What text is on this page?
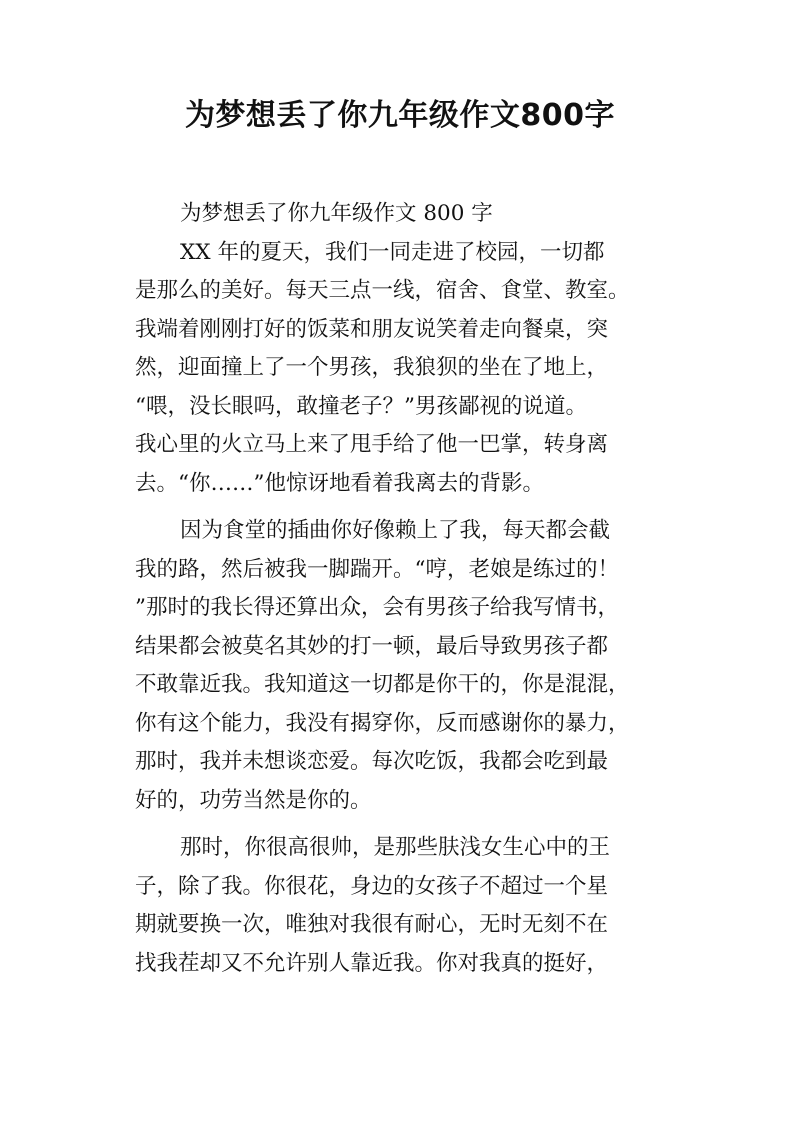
为梦想丢了你九年级作文800字
为梦想丢了你九年级作文 800 字
XX 年的夏天，我们一同走进了校园，一切都
是那么的美好。每天三点一线，宿舍、食堂、教室。
我端着刚刚打好的饭菜和朋友说笑着走向餐桌，突
然，迎面撞上了一个男孩，我狼狈的坐在了地上，
“喂，没长眼吗，敢撞老子？”男孩鄙视的说道。
我心里的火立马上来了甩手给了他一巴掌，转身离
去。“你……”他惊讶地看着我离去的背影。
因为食堂的插曲你好像赖上了我，每天都会截
我的路，然后被我一脚踹开。“哼，老娘是练过的！
”那时的我长得还算出众，会有男孩子给我写情书，
结果都会被莫名其妙的打一顿，最后导致男孩子都
不敢靠近我。我知道这一切都是你干的，你是混混，
你有这个能力，我没有揭穿你，反而感谢你的暴力，
那时，我并未想谈恋爱。每次吃饭，我都会吃到最
好的，功劳当然是你的。
那时，你很高很帅，是那些肤浅女生心中的王
子，除了我。你很花，身边的女孩子不超过一个星
期就要换一次，唯独对我很有耐心，无时无刻不在
找我茬却又不允许别人靠近我。你对我真的挺好，
